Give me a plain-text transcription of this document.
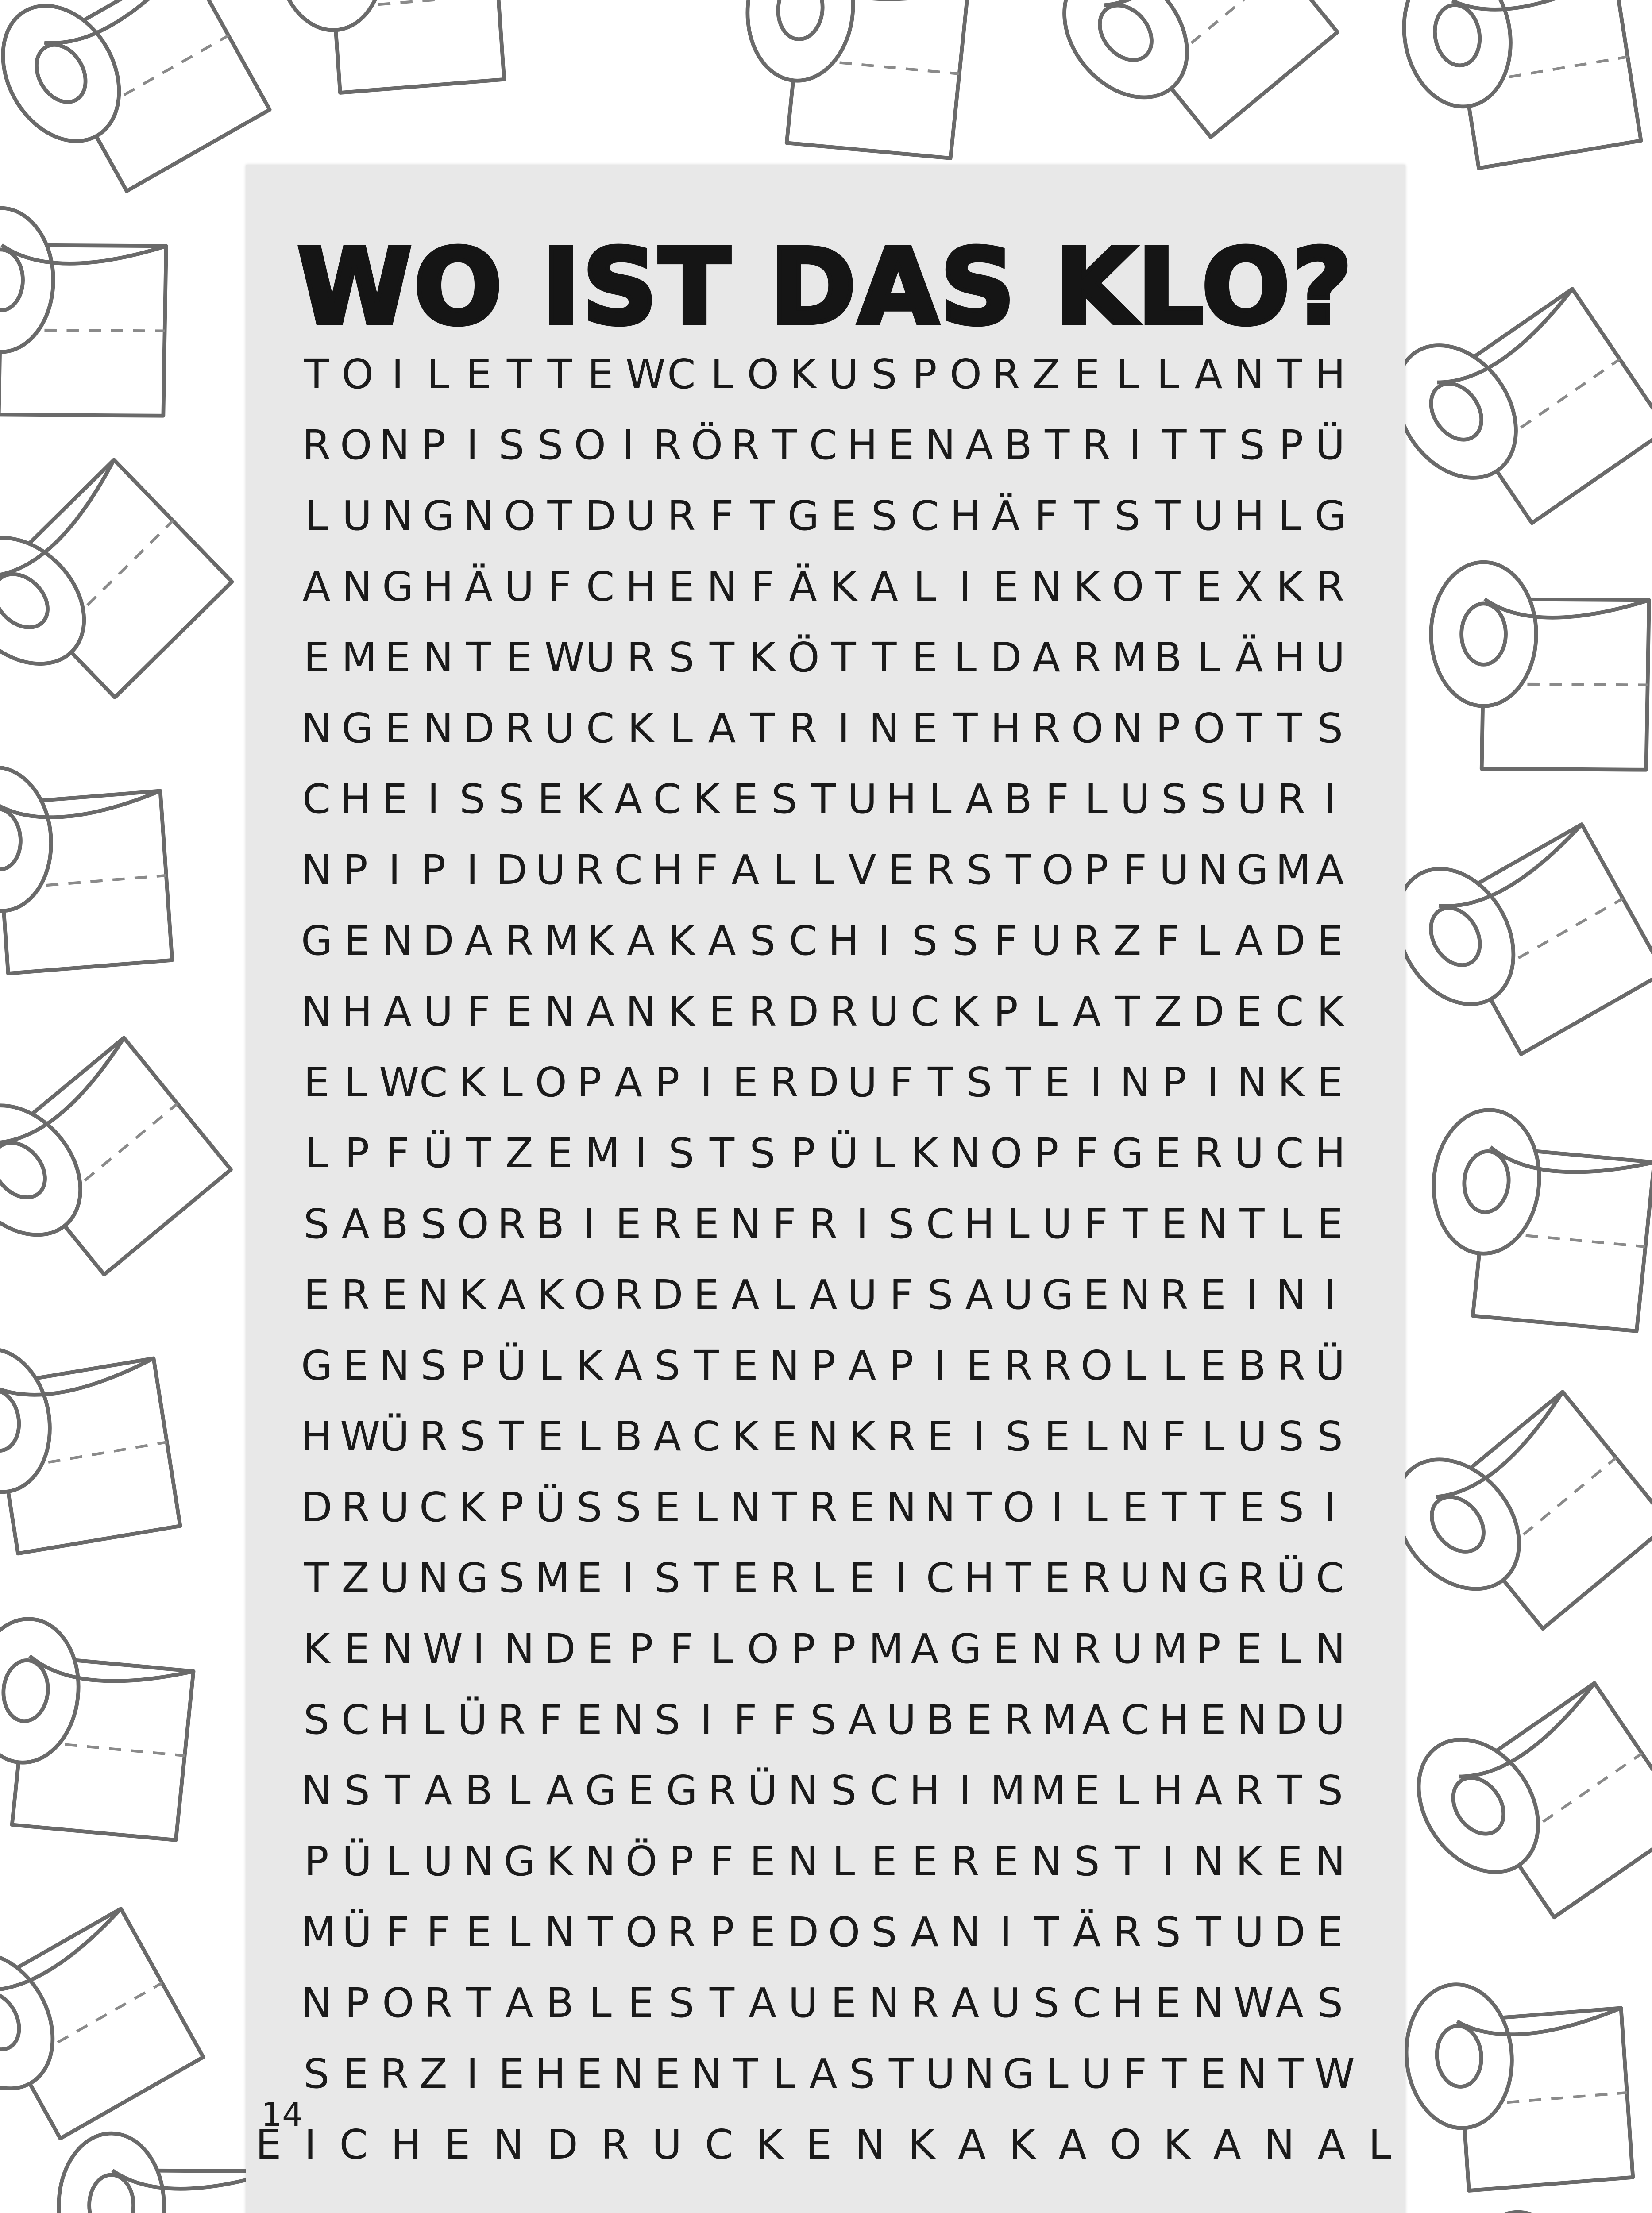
WO IST DAS KLO?
T O I L E T T E W C L O K U S P O R Z E L L A N T H
R O N P I S S O I R Ö R T C H E N A B T R I T T S P Ü
L U N G N O T D U R F T G E S C H Ä F T S T U H L G
A N G H Ä U F C H E N F Ä K A L I E N K O T E X K R
E M E N T E W U R S T K Ö T T E L D A R M B L Ä H U
N G E N D R U C K L A T R I N E T H R O N P O T T S
C H E I S S E K A C K E S T U H L A B F L U S S U R I
N P I P I D U R C H F A L L V E R S T O P F U N G M A
G E N D A R M K A K A S C H I S S F U R Z F L A D E
N H A U F E N A N K E R D R U C K P L A T Z D E C K
E L W C K L O P A P I E R D U F T S T E I N P I N K E
L P F Ü T Z E M I S T S P Ü L K N O P F G E R U C H
S A B S O R B I E R E N F R I S C H L U F T E N T L E
E R E N K A K O R D E A L A U F S A U G E N R E I N I
G E N S P Ü L K A S T E N P A P I E R R O L L E B R Ü
H W
Ü R S T E L B A C K E N K R E I S E L N F L U S S
D R U C K P Ü S S E L N T R E N N T O I L E T T E S I
T Z U N G S M E I S T E R L E I C H T E R U N G R Ü C
K E N W I N D E P F L O P P M A G E N R U M P E L N
S C H L Ü R F E N S I F F S A U B E R M A C H E N D U
N S T A B L A G E G R Ü N S C H I M M E L H A R T S
P Ü L U N G K N Ö P F E N L E E R E N S T I N K E N
M Ü F F E L N T O R P E D O S A N I T Ä R S T U D E
N P O R T A B L E S T A U E N R A U S C H E N W A S
S E R Z I E H E N E N T L A S T U N G L U F T E N T W
E I C H E N D R U C K E N K A K A O K A N A L
14
